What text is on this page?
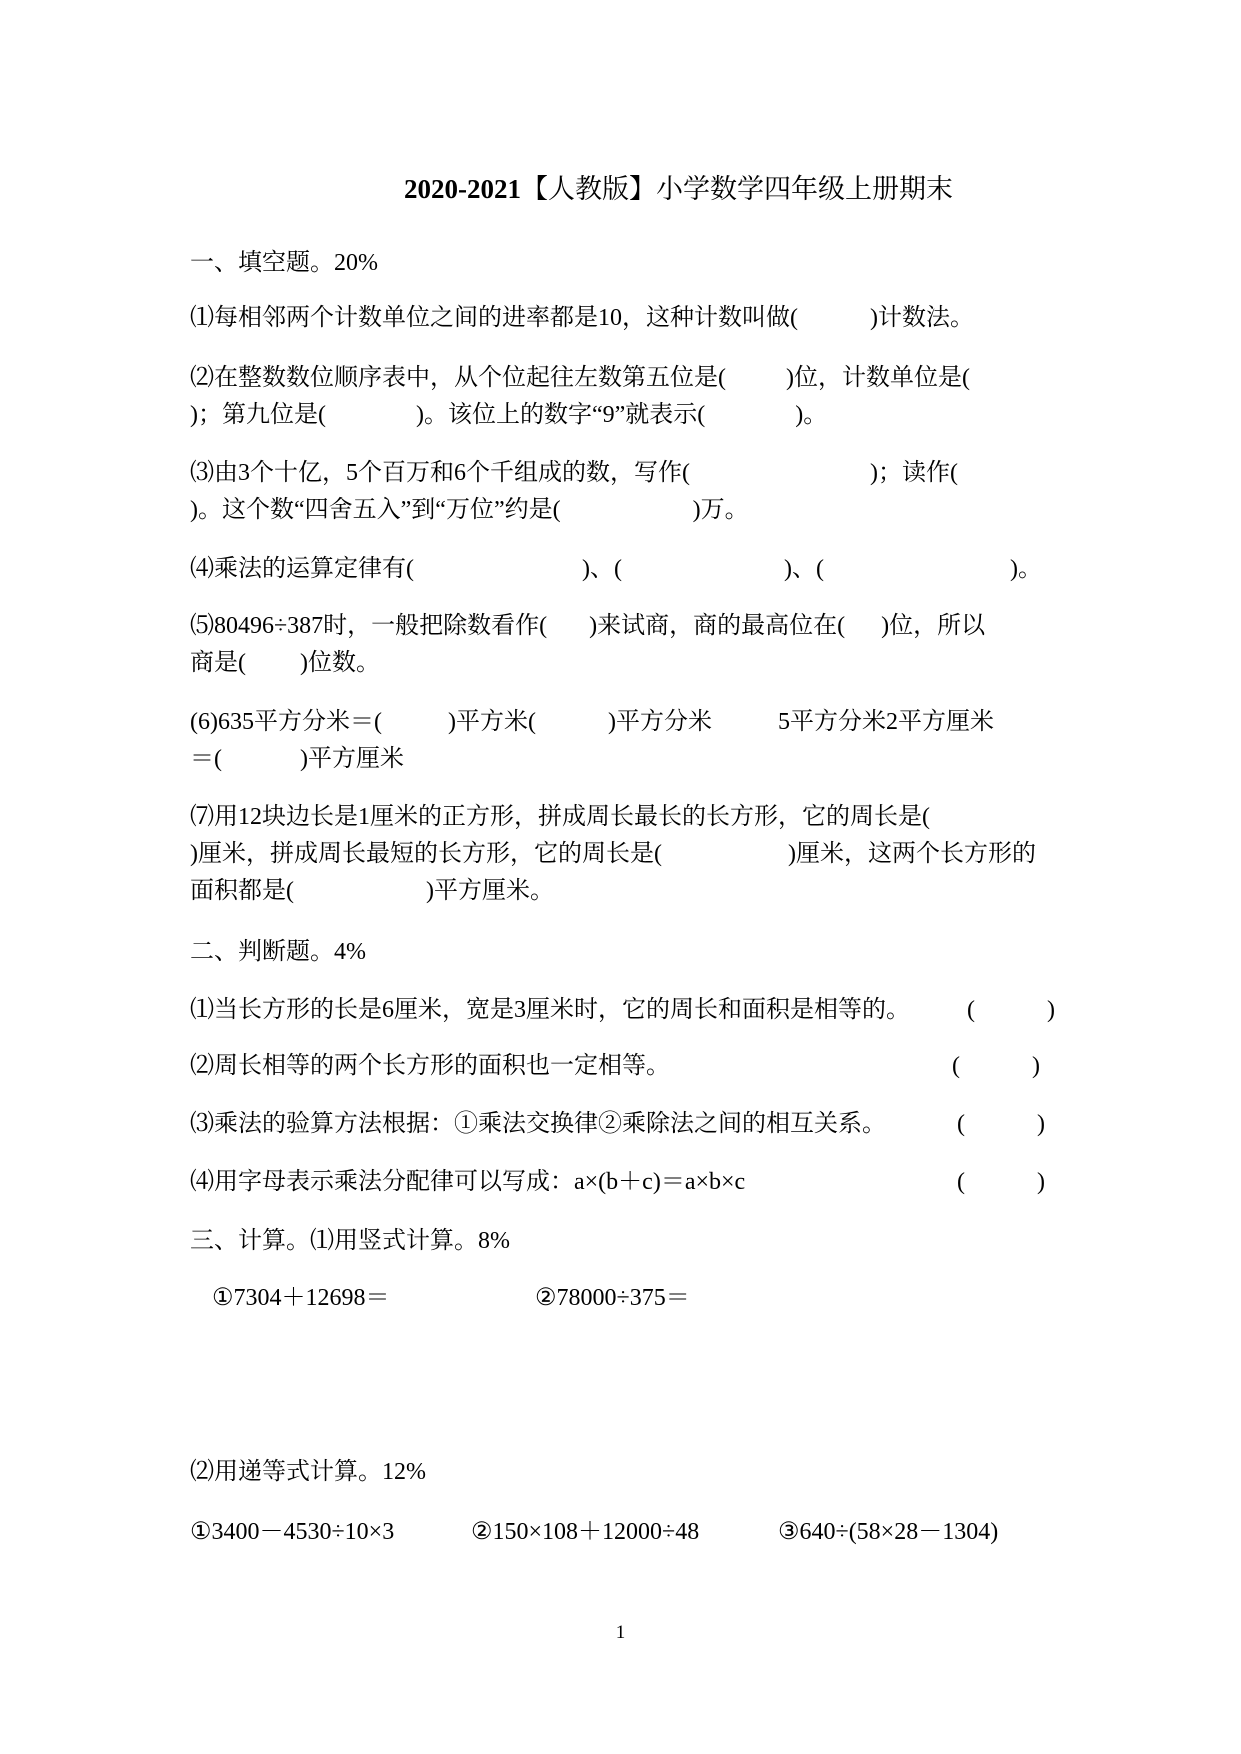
2020-2021【人教版】小学数学四年级上册期末
一、填空题。20%
⑴每相邻两个计数单位之间的进率都是10，这种计数叫做(            )计数法。
⑵在整数数位顺序表中，从个位起往左数第五位是(          )位，计数单位是(
)；第九位是(               )。该位上的数字“9”就表示(               )。
⑶由3个十亿，5个百万和6个千组成的数，写作(                              )；读作(
)。这个数“四舍五入”到“万位”约是(                      )万。
⑷乘法的运算定律有(                            )、(                           )、(                               )。
⑸80496÷387时，一般把除数看作(       )来试商，商的最高位在(      )位，所以
商是(         )位数。
(6)635平方分米＝(           )平方米(            )平方分米           5平方分米2平方厘米
＝(             )平方厘米
⑺用12块边长是1厘米的正方形，拼成周长最长的长方形，它的周长是(
)厘米，拼成周长最短的长方形，它的周长是(                     )厘米，这两个长方形的
面积都是(                      )平方厘米。
二、判断题。4%
⑴当长方形的长是6厘米，宽是3厘米时，它的周长和面积是相等的。 (            )
⑵周长相等的两个长方形的面积也一定相等。	(            )
⑶乘法的验算方法根据：①乘法交换律②乘除法之间的相互关系。	(            )
⑷用字母表示乘法分配律可以写成：a×(b＋c)＝a×b×c	(            )
三、计算。⑴用竖式计算。8%
①7304＋12698＝	②78000÷375＝
⑵用递等式计算。12%
①3400－4530÷10×3	②150×108＋12000÷48	③640÷(58×28－1304)
1
